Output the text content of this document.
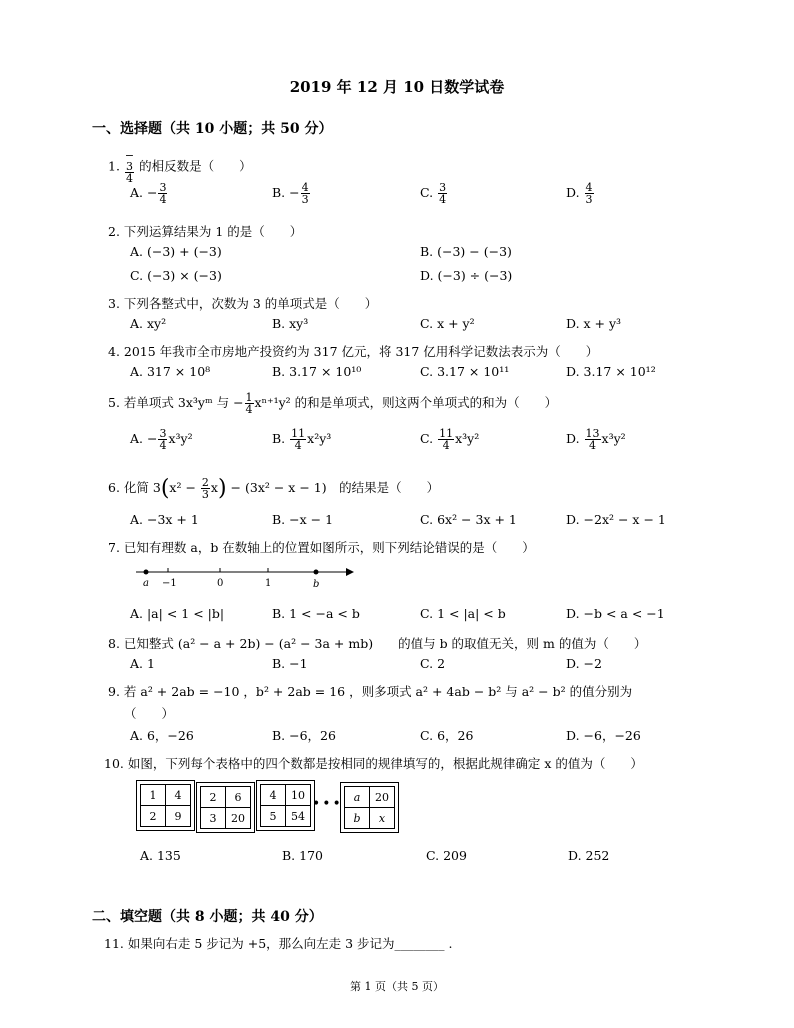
2019 年 12 月 10 日数学试卷
一、选择题（共 10 小题；共 50 分）
1. −
3
4
的相反数是（　　）
A. − $\frac{3}{4}$	B. − $\frac{4}{3}$	C. $\frac{3}{4}$	D. $\frac{4}{3}$
2. 下列运算结果为 1 的是（　　）
A. (−3) + (−3)	B. (−3) − (−3)
C. (−3) × (−3)	D. (−3) ÷ (−3)
3. 下列各整式中，次数为 3 的单项式是（　　）
A. xy²	B. xy³	C. x + y²	D. x + y³
4. 2015 年我市全市房地产投资约为 317 亿元，将 317 亿用科学记数法表示为（　　）
A. 317 × 10⁸	B. 3.17 × 10¹⁰	C. 3.17 × 10¹¹	D. 3.17 × 10¹²
5. 若单项式 3x³yᵐ 与 − $\frac{1}{4} x^{n+1}y^2$ 的和是单项式，则这两个单项式的和为（　　）
A. − $\frac{3}{4} x^3y^2$	B. $\frac{11}{4} x^2y^3$	C. $\frac{11}{4} x^3y^2$	D. $\frac{13}{4} x^3y^2$
6. 化简 $3(x^2 - \frac{2}{3} x) - (3x^2 - x - 1)$　的结果是（　　）
A. −3x + 1	B. −x − 1	C. 6x² − 3x + 1	D. −2x² − x − 1
7. 已知有理数 a，b 在数轴上的位置如图所示，则下列结论错误的是（　　）
a −1	0	1	b
A. |a| < 1 < |b|	B. 1 < −a < b	C. 1 < |a| < b	D. −b < a < −1
8. 已知整式 (a² − a + 2b) − (a² − 3a + mb)　　 的值与 b 的取值无关，则 m 的值为（　　）
A. 1	B. −1	C. 2	D. −2
9. 若 a² + 2ab = −10 ，b² + 2ab = 16 ，则多项式 a² + 4ab − b² 与 a² − b² 的值分别为
（　　）
A. 6，−26	B. −6，26	C. 6，26	D. −6，−26
10. 如图，下列每个表格中的四个数都是按相同的规律填写的，根据此规律确定 x 的值为（　　）
1	4
2	9
2	6
3	20
4	10
5	54
••• a	20
b	x
A. 135	B. 170	C. 209	D. 252
二、填空题（共 8 小题；共 40 分）
11. 如果向右走 5 步记为 +5，那么向左走 3 步记为________ .
第 1 页（共 5 页）
